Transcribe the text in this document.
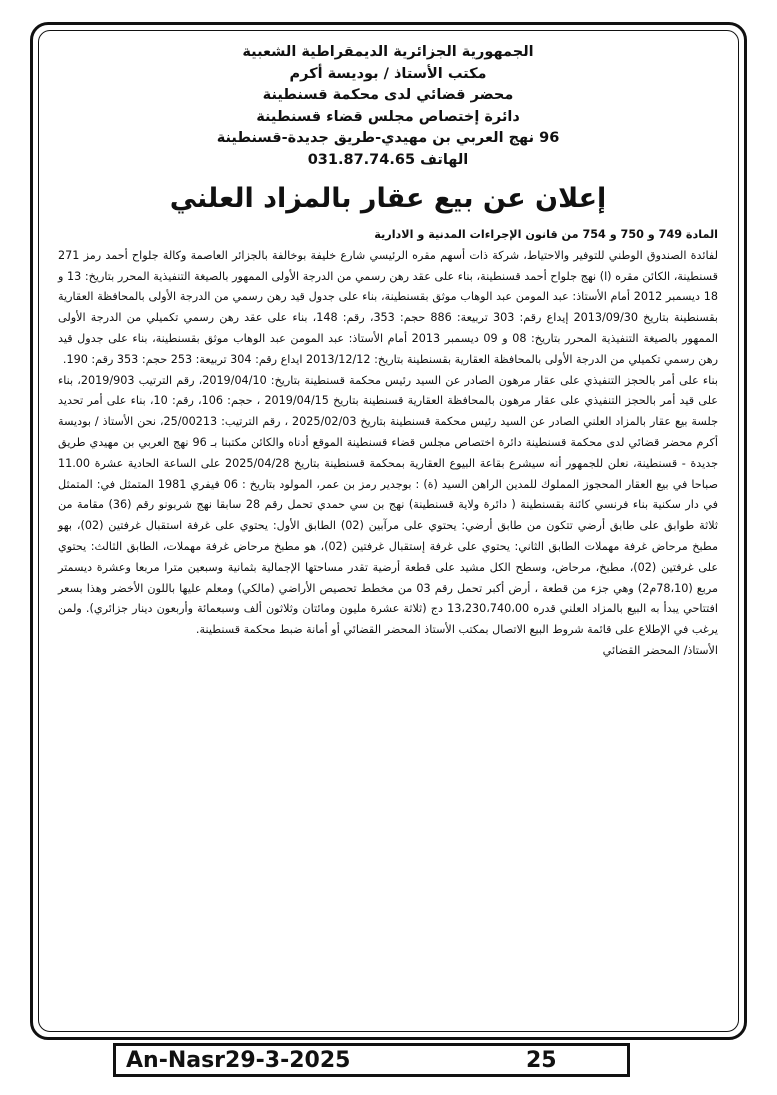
الجمهورية الجزائرية الديمقراطية الشعبية

مكتب الأستاذ / بوديسة أكرم

محضر قضائي لدى محكمة قسنطينة

دائرة إختصاص مجلس قضاء قسنطينة

96 نهج العربي بن مهيدي-طريق جديدة-قسنطينة

الهاتف 031.87.74.65

إعلان عن بيع عقار بالمزاد العلني

المادة 749 و 750 و 754 من قانون الإجراءات المدنية و الادارية

لفائدة الصندوق الوطني للتوفير والاحتياط، شركة ذات أسهم مقره الرئيسي شارع خليفة بوخالفة بالجزائر العاصمة وكالة جلواح أحمد رمز 271 قسنطينة، الكائن مقره (ا) نهج جلواح أحمد قسنطينة، بناء على عقد رهن رسمي من الدرجة الأولى الممهور بالصيغة التنفيذية المحرر بتاريخ: 13 و 18 ديسمبر 2012 أمام الأستاذ: عبد المومن عبد الوهاب موثق بقسنطينة، بناء على جدول قيد رهن رسمي من الدرجة الأولى بالمحافظة العقارية بقسنطينة بتاريخ 2013/09/30 إيداع رقم: 303 تربيعة: 886 حجم: 353، رقم: 148، بناء على عقد رهن رسمي تكميلي من الدرجة الأولى الممهور بالصيغة التنفيذية المحرر بتاريخ: 08 و 09 ديسمبر 2013 أمام الأستاذ: عبد المومن عبد الوهاب موثق بقسنطينة، بناء على جدول قيد رهن رسمي تكميلي من الدرجة الأولى بالمحافظة العقارية بقسنطينة بتاريخ: 2013/12/12 ايداع رقم: 304 تربيعة: 253 حجم: 353 رقم: 190.

بناء على أمر بالحجز التنفيذي على عقار مرهون الصادر عن السيد رئيس محكمة قسنطينة بتاريخ: 2019/04/10، رقم الترتيب 2019/903، بناء على قيد أمر بالحجز التنفيذي على عقار مرهون بالمحافظة العقارية قسنطينة بتاريخ 2019/04/15 ، حجم: 106، رقم: 10، بناء على أمر تحديد جلسة بيع عقار بالمزاد العلني الصادر عن السيد رئيس محكمة قسنطينة بتاريخ 2025/02/03 ، رقم الترتيب: 25/00213، نحن الأستاذ / بوديسة أكرم محضر قضائي لدى محكمة قسنطينة دائرة اختصاص مجلس قضاء قسنطينة الموقع أدناه والكائن مكتبنا بـ 96 نهج العربي بن مهيدي طريق جديدة - قسنطينة، نعلن للجمهور أنه سيشرع بقاعة البيوع العقارية بمحكمة قسنطينة بتاريخ 2025/04/28 على الساعة الحادية عشرة 11.00 صباحا في بيع العقار المحجوز المملوك للمدين الراهن السيد (ة) : بوجدير رمز بن عمر، المولود بتاريخ : 06 فيفري 1981 المتمثل في: المتمثل في دار سكنية بناء فرنسي كائنة بقسنطينة ( دائرة ولاية قسنطينة) نهج بن سي حمدي تحمل رقم 28 سابقا نهج شربونو رقم (36) مقامة من ثلاثة طوابق على طابق أرضي تتكون من طابق أرضي: يحتوي على مرآبين (02) الطابق الأول: يحتوي على غرفة استقبال غرفتين (02)، بهو مطبخ مرحاض غرفة مهملات الطابق الثاني: يحتوي على غرفة إستقبال غرفتين (02)، هو مطبخ مرحاض غرفة مهملات، الطابق الثالث: يحتوي على غرفتين (02)، مطبخ، مرحاض، وسطح الكل مشيد على قطعة أرضية تقدر مساحتها الإجمالية بثمانية وسبعين مترا مربعا وعشرة ديسمتر مربع (78،10م2) وهي جزء من قطعة ، أرض أكبر تحمل رقم 03 من مخطط تحصيص الأراضي (مالكي) ومعلم عليها باللون الأخضر وهذا بسعر افتتاحي يبدأ به البيع بالمزاد العلني قدره 13،230،740،00 دج (ثلاثة عشرة مليون ومائتان وثلاثون ألف وسبعمائة وأربعون دينار جزائري). ولمن يرغب في الإطلاع على قائمة شروط البيع الاتصال بمكتب الأستاذ المحضر القضائي أو أمانة ضبط محكمة قسنطينة.

الأستاذ/ المحضر القضائي

An-Nasr29-3-2025	25
